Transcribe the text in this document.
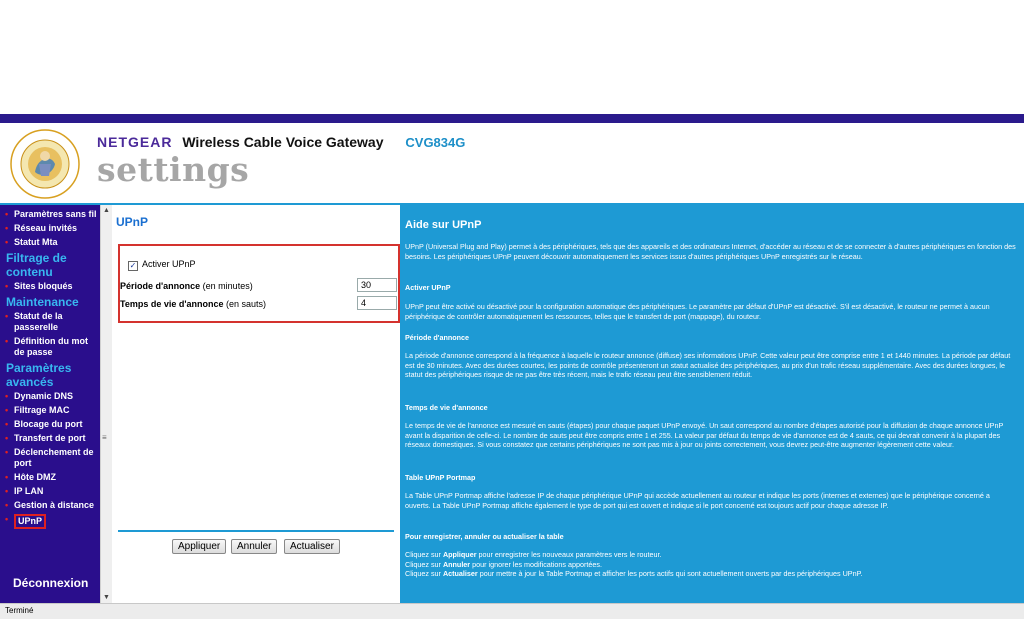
NETGEAR Wireless Cable Voice Gateway CVG834G
settings
• Paramètres sans fil
• Réseau invités
• Statut Mta
Filtrage de contenu
• Sites bloqués
Maintenance
• Statut de la passerelle
• Définition du mot de passe
Paramètres avancés
• Dynamic DNS
• Filtrage MAC
• Blocage du port
• Transfert de port
• Déclenchement de port
• Hôte DMZ
• IP LAN
• Gestion à distance
• UPnP
Déconnexion
▲
≡
▼
UPnP
✓ Activer UPnP
Période d'annonce (en minutes)
30
Temps de vie d'annonce (en sauts)
4
Appliquer	Annuler	Actualiser
Aide sur UPnP
UPnP (Universal Plug and Play) permet à des périphériques, tels que des appareils et des ordinateurs Internet, d'accéder au réseau et de se connecter à d'autres périphériques en fonction des besoins. Les périphériques UPnP peuvent découvrir automatiquement les services issus d'autres périphériques UPnP enregistrés sur le réseau.
Activer UPnP
UPnP peut être activé ou désactivé pour la configuration automatique des périphériques. Le paramètre par défaut d'UPnP est désactivé. S'il est désactivé, le routeur ne permet à aucun périphérique de contrôler automatiquement les ressources, telles que le transfert de port (mappage), du routeur.
Période d'annonce
La période d'annonce correspond à la fréquence à laquelle le routeur annonce (diffuse) ses informations UPnP. Cette valeur peut être comprise entre 1 et 1440 minutes. La période par défaut est de 30 minutes. Avec des durées courtes, les points de contrôle présenteront un statut actualisé des périphériques, au prix d'un trafic réseau supplémentaire. Avec des durées longues, le statut des périphériques risque de ne pas être très récent, mais le trafic réseau peut être sensiblement réduit.
Temps de vie d'annonce
Le temps de vie de l'annonce est mesuré en sauts (étapes) pour chaque paquet UPnP envoyé. Un saut correspond au nombre d'étapes autorisé pour la diffusion de chaque annonce UPnP avant la disparition de celle-ci. Le nombre de sauts peut être compris entre 1 et 255. La valeur par défaut du temps de vie d'annonce est de 4 sauts, ce qui devrait convenir à la plupart des réseaux domestiques. Si vous constatez que certains périphériques ne sont pas mis à jour ou joints correctement, vous devrez peut-être augmenter légèrement cette valeur.
Table UPnP Portmap
La Table UPnP Portmap affiche l'adresse IP de chaque périphérique UPnP qui accède actuellement au routeur et indique les ports (internes et externes) que le périphérique concerné a ouverts. La Table UPnP Portmap affiche également le type de port qui est ouvert et indique si le port concerné est toujours actif pour chaque adresse IP.
Pour enregistrer, annuler ou actualiser la table
Cliquez sur Appliquer pour enregistrer les nouveaux paramètres vers le routeur.
Cliquez sur Annuler pour ignorer les modifications apportées.
Cliquez sur Actualiser pour mettre à jour la Table Portmap et afficher les ports actifs qui sont actuellement ouverts par des périphériques UPnP.
Terminé
